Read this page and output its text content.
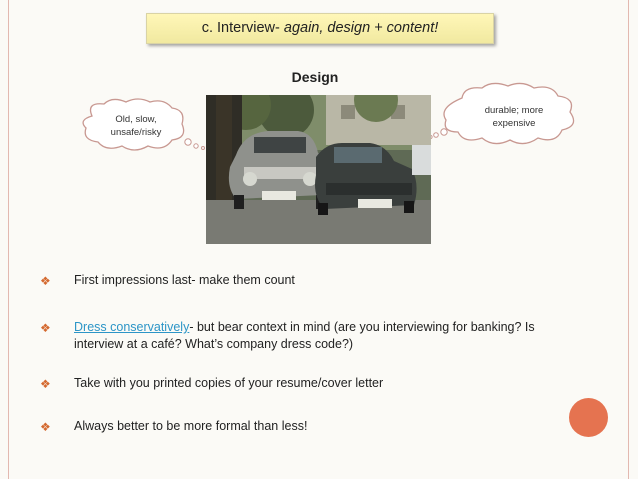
c. Interview- again, design + content!
Design
Old, slow,
unsafe/risky
durable; more
expensive
❖ First impressions last- make them count
❖ Dress conservatively- but bear context in mind (are you interviewing for banking? Is interview at a café? What’s company dress code?)
❖ Take with you printed copies of your resume/cover letter
❖ Always better to be more formal than less!
